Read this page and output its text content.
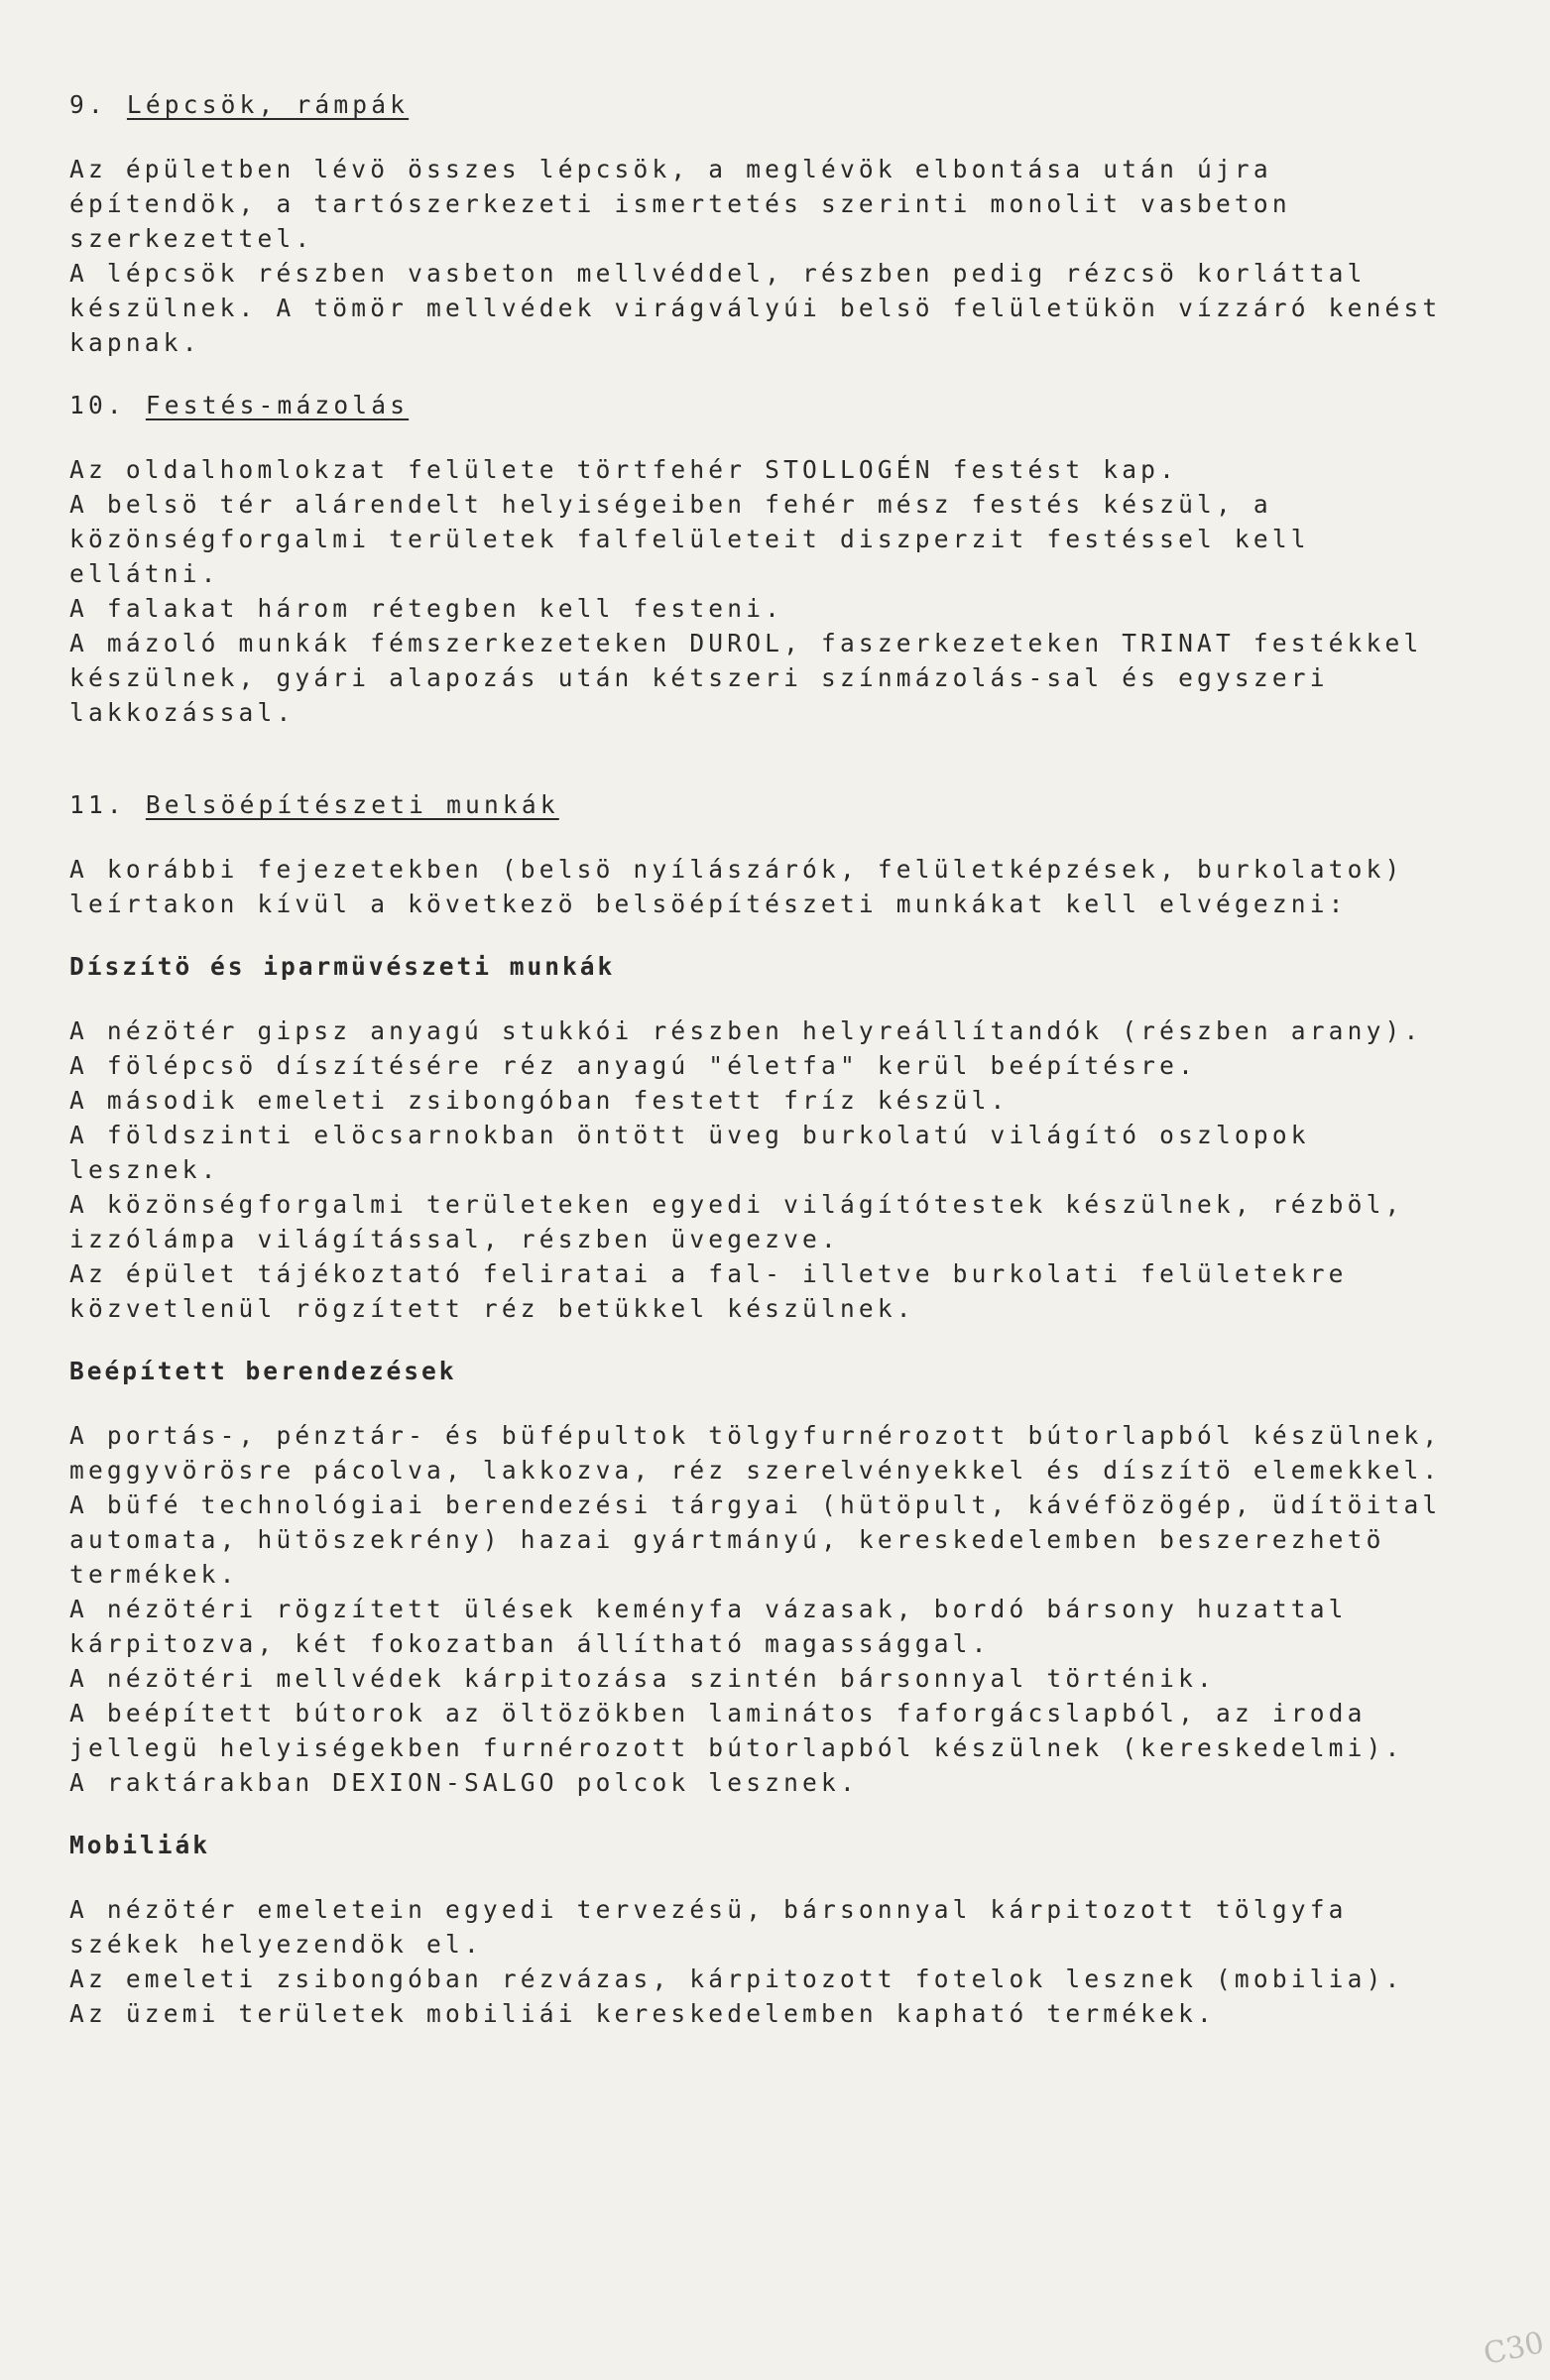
9. Lépcsök, rámpák

Az épületben lévö összes lépcsök, a meglévök elbontása után újra építendök, a tartószerkezeti ismertetés szerinti monolit vasbeton szerkezettel.

A lépcsök részben vasbeton mellvéddel, részben pedig rézcsö korláttal készülnek. A tömör mellvédek virágvályúi belsö felületükön vízzáró kenést kapnak.

10. Festés-mázolás

Az oldalhomlokzat felülete törtfehér STOLLOGÉN festést kap.

A belsö tér alárendelt helyiségeiben fehér mész festés készül, a közönségforgalmi területek falfelületeit diszperzit festéssel kell ellátni.

A falakat három rétegben kell festeni.

A mázoló munkák fémszerkezeteken DUROL, faszerkezeteken TRINAT festékkel készülnek, gyári alapozás után kétszeri színmázolás-sal és egyszeri lakkozással.

11. Belsöépítészeti munkák

A korábbi fejezetekben (belsö nyílászárók, felületképzések, burkolatok) leírtakon kívül a következö belsöépítészeti munkákat kell elvégezni:

Díszítö és iparmüvészeti munkák

A nézötér gipsz anyagú stukkói részben helyreállítandók (részben arany).

A fölépcsö díszítésére réz anyagú "életfa" kerül beépítésre.

A második emeleti zsibongóban festett fríz készül.

A földszinti elöcsarnokban öntött üveg burkolatú világító oszlopok lesznek.

A közönségforgalmi területeken egyedi világítótestek készülnek, rézböl, izzólámpa világítással, részben üvegezve.

Az épület tájékoztató feliratai a fal- illetve burkolati felületekre közvetlenül rögzített réz betükkel készülnek.

Beépített berendezések

A portás-, pénztár- és büfépultok tölgyfurnérozott bútorlapból készülnek, meggyvörösre pácolva, lakkozva, réz szerelvényekkel és díszítö elemekkel.

A büfé technológiai berendezési tárgyai (hütöpult, kávéfözögép, üdítöital automata, hütöszekrény) hazai gyártmányú, kereskedelemben beszerezhetö termékek.

A nézötéri rögzített ülések keményfa vázasak, bordó bársony huzattal kárpitozva, két fokozatban állítható magassággal.

A nézötéri mellvédek kárpitozása szintén bársonnyal történik.

A beépített bútorok az öltözökben laminátos faforgácslapból, az iroda jellegü helyiségekben furnérozott bútorlapból készülnek (kereskedelmi).

A raktárakban DEXION-SALGO polcok lesznek.

Mobiliák

A nézötér emeletein egyedi tervezésü, bársonnyal kárpitozott tölgyfa székek helyezendök el.

Az emeleti zsibongóban rézvázas, kárpitozott fotelok lesznek (mobilia).

Az üzemi területek mobiliái kereskedelemben kapható termékek.

C30
